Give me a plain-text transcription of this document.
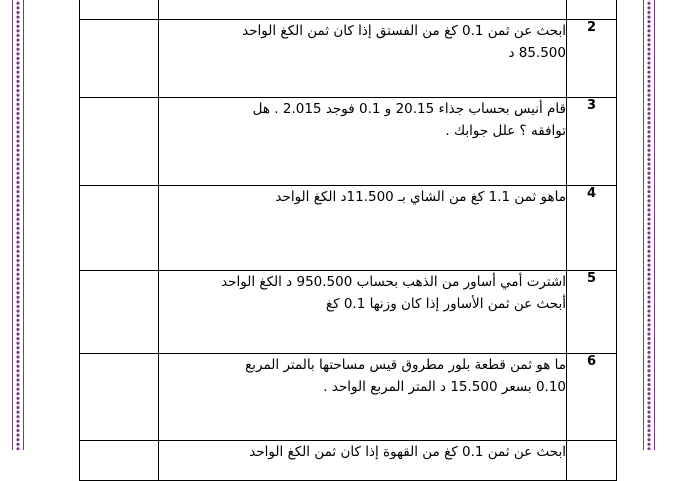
	ابحث عن ثمن 0.1 كغ من الفستق إذا كان ثمن الكغ الواحد
85.500 د	2

	قام أنيس بحساب جذاء 20.15 و 0.1 فوجد 2.015 . هل
توافقه ؟ علل جوابك .	3

	ماهو ثمن 1.1 كغ من الشاي بـ 11.500د الكغ الواحد	4

	اشترت أمي أساور من الذهب بحساب 950.500 د الكغ الواحد
أبحث عن ثمن الأساور إذا كان وزنها 0.1 كغ	5

	ما هو ثمن قطعة بلور مطروق قيس مساحتها بالمتر المربع
0.10 بسعر 15.500 د المتر المربع الواحد .	6

	ابحث عن ثمن 0.1 كغ من القهوة إذا كان ثمن الكغ الواحد	
